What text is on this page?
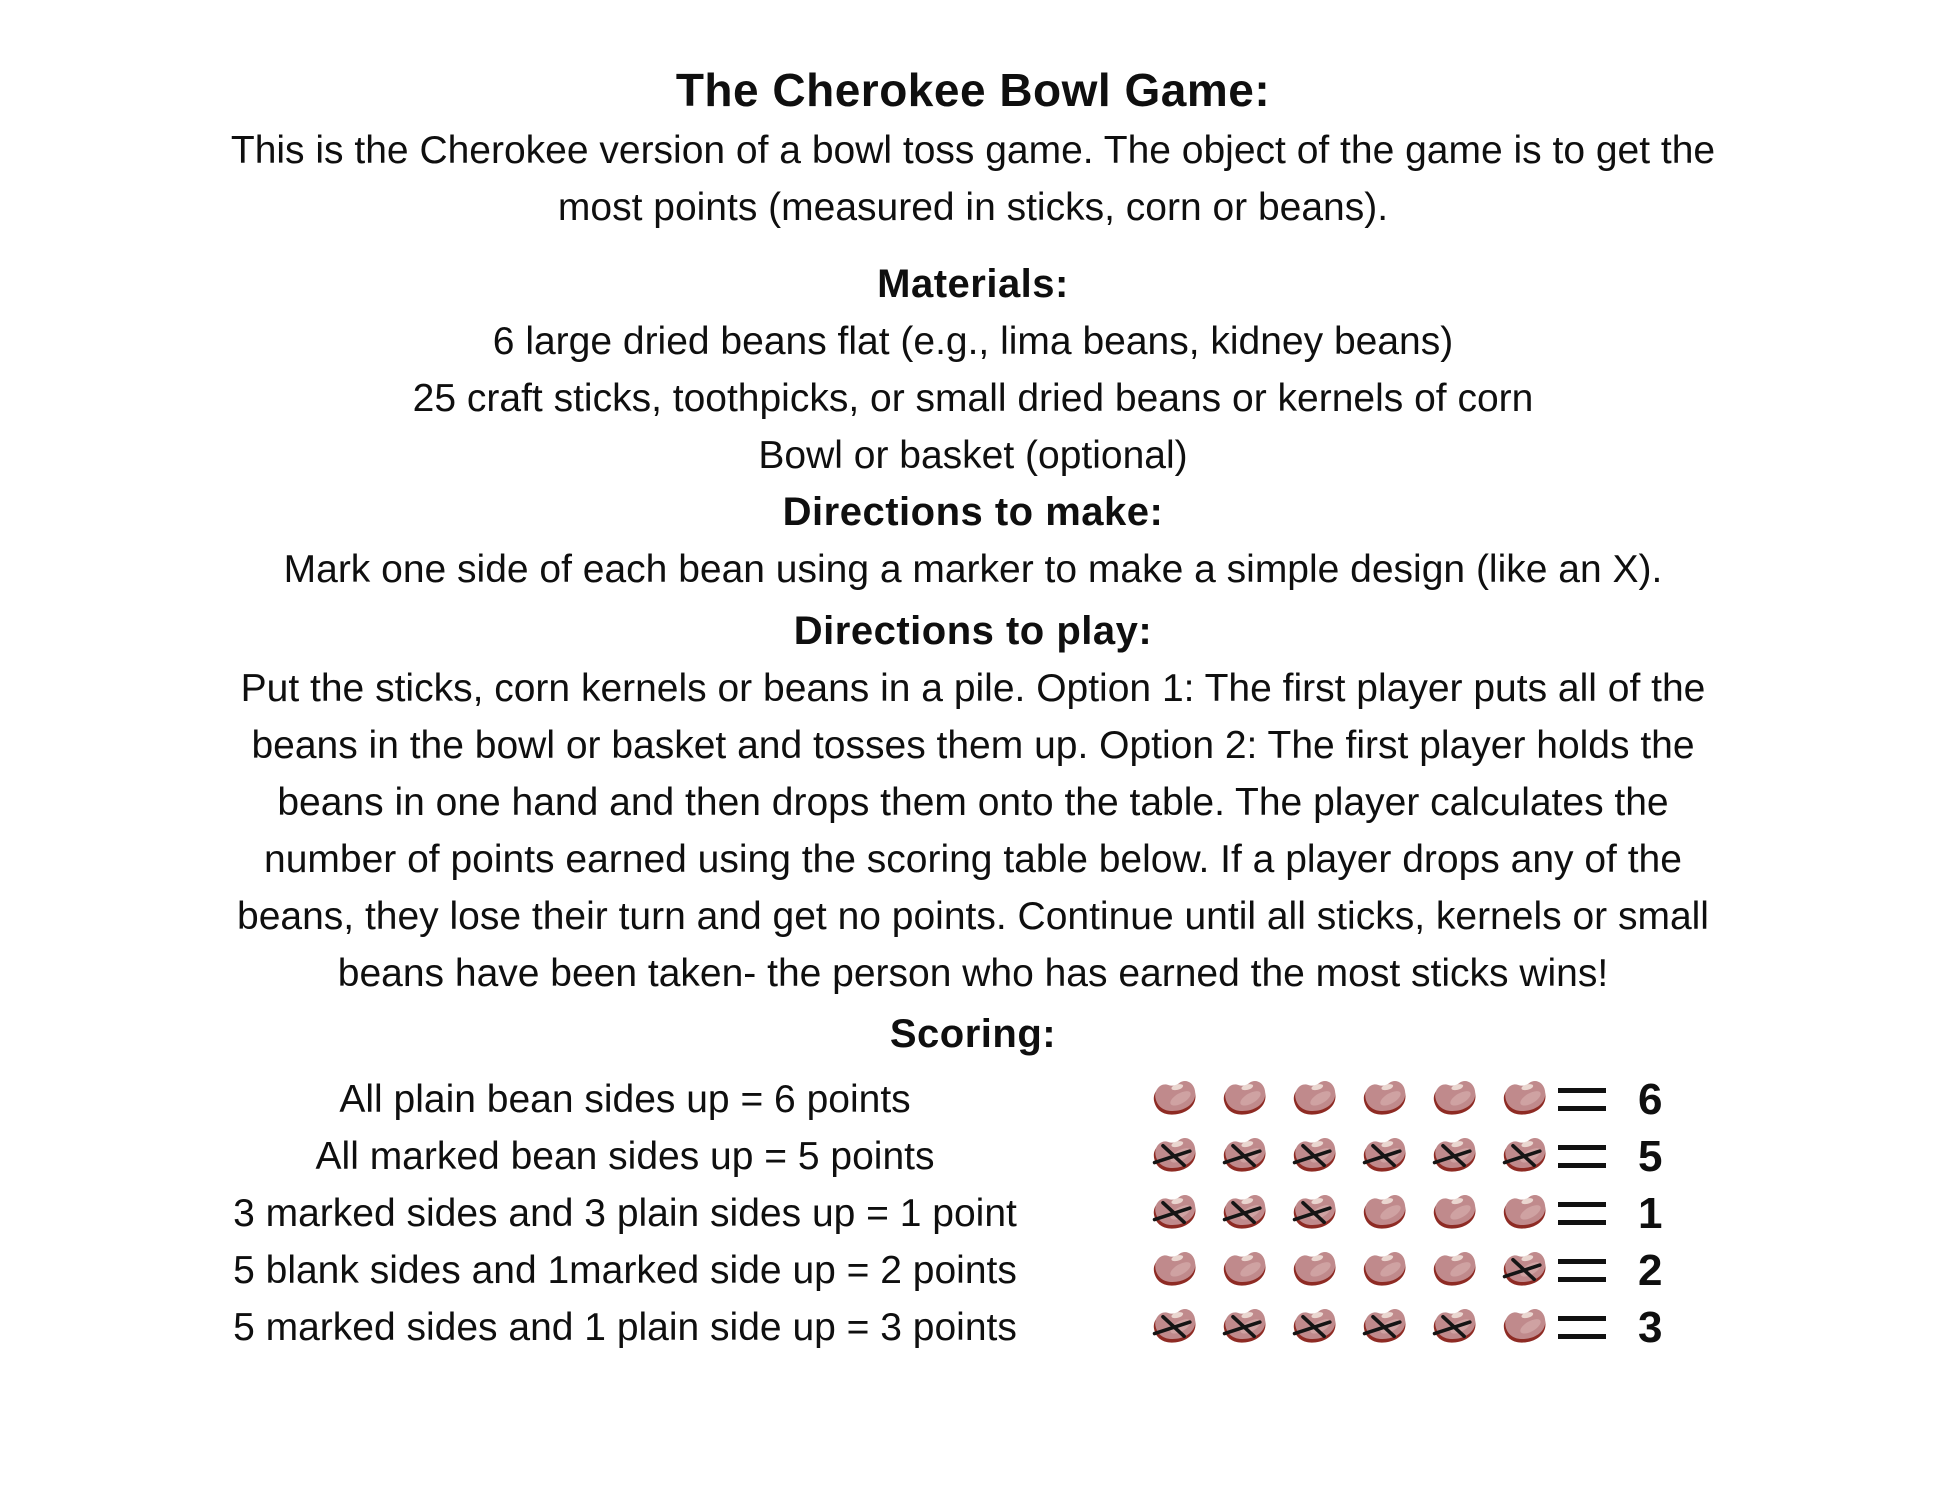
The Cherokee Bowl Game:
This is the Cherokee version of a bowl toss game. The object of the game is to get the
most points (measured in sticks, corn or beans).
Materials:
6 large dried beans flat (e.g., lima beans, kidney beans)
25 craft sticks, toothpicks, or small dried beans or kernels of corn
Bowl or basket (optional)
Directions to make:
Mark one side of each bean using a marker to make a simple design (like an X).
Directions to play:
Put the sticks, corn kernels or beans in a pile. Option 1: The first player puts all of the
beans in the bowl or basket and tosses them up. Option 2: The first player holds the
beans in one hand and then drops them onto the table. The player calculates the
number of points earned using the scoring table below. If a player drops any of the
beans, they lose their turn and get no points. Continue until all sticks, kernels or small
beans have been taken- the person who has earned the most sticks wins!
Scoring:
All plain bean sides up = 6 points	6
All marked bean sides up = 5 points	5
3 marked sides and 3 plain sides up = 1 point	1
5 blank sides and 1marked side up = 2 points	2
5 marked sides and 1 plain side up = 3 points	3
